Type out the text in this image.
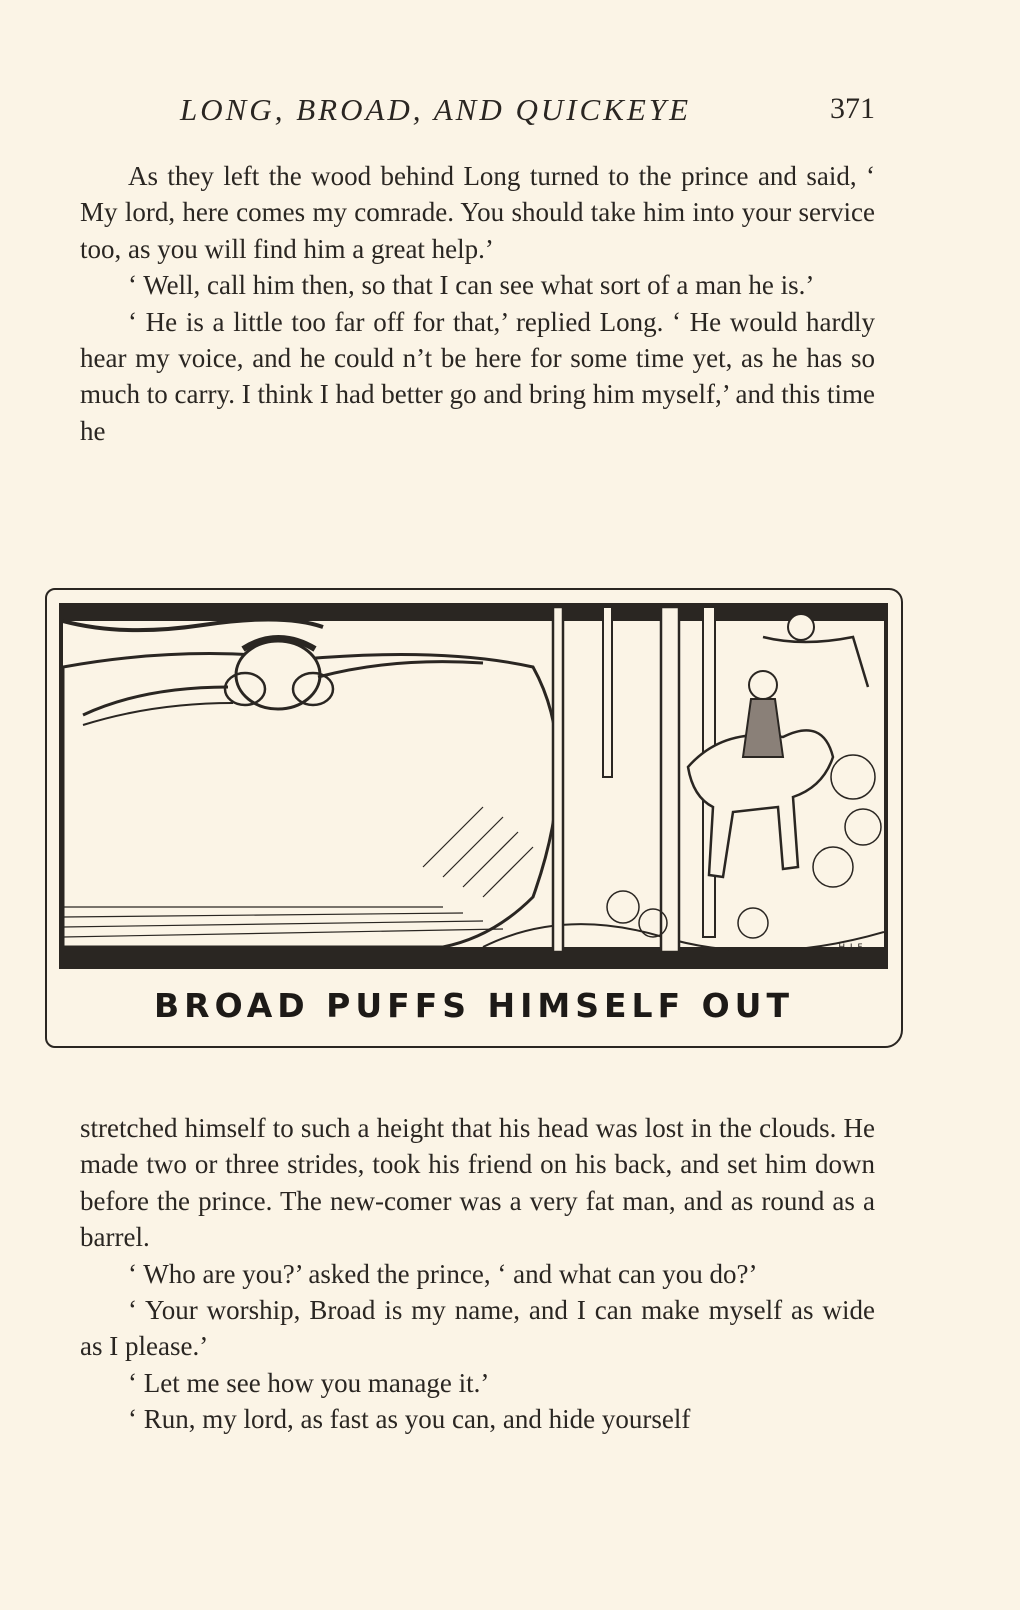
LONG, BROAD, AND QUICKEYE	371

As they left the wood behind Long turned to the prince and said, ‘ My lord, here comes my comrade. You should take him into your service too, as you will find him a great help.’

‘ Well, call him then, so that I can see what sort of a man he is.’

‘ He is a little too far off for that,’ replied Long. ‘ He would hardly hear my voice, and he could n’t be here for some time yet, as he has so much to carry. I think I had better go and bring him myself,’ and this time he

H.J.F.
BROAD PUFFS HIMSELF OUT

stretched himself to such a height that his head was lost in the clouds. He made two or three strides, took his friend on his back, and set him down before the prince. The new-comer was a very fat man, and as round as a barrel.

‘ Who are you?’ asked the prince, ‘ and what can you do?’

‘ Your worship, Broad is my name, and I can make myself as wide as I please.’

‘ Let me see how you manage it.’

‘ Run, my lord, as fast as you can, and hide yourself
